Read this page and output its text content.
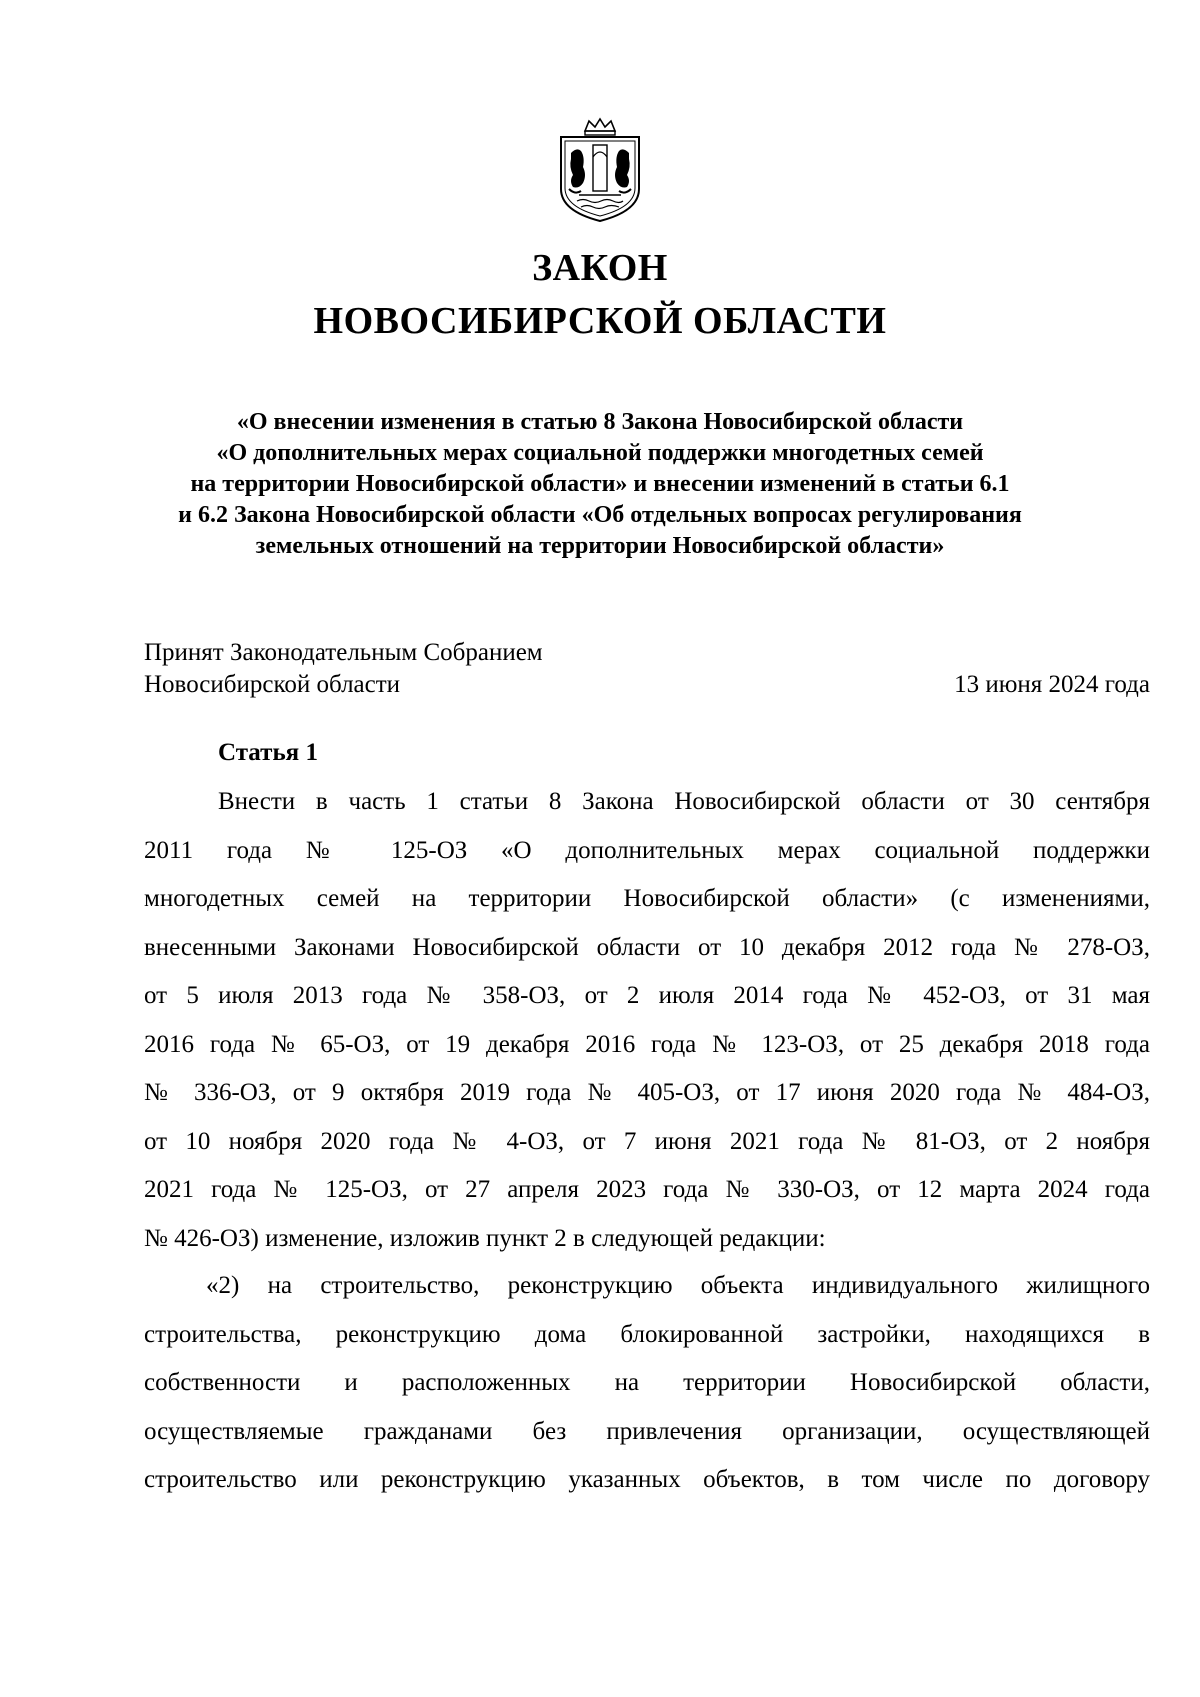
ЗАКОН
НОВОСИБИРСКОЙ ОБЛАСТИ
«О внесении изменения в статью 8 Закона Новосибирской области
«О дополнительных мерах социальной поддержки многодетных семей
на территории Новосибирской области» и внесении изменений в статьи 6.1
и 6.2 Закона Новосибирской области «Об отдельных вопросах регулирования
земельных отношений на территории Новосибирской области»
Принят Законодательным Собранием
Новосибирской области	13 июня 2024 года
Статья 1
Внести в часть 1 статьи 8 Закона Новосибирской области от 30 сентября
2011 года № 125-ОЗ «О дополнительных мерах социальной поддержки
многодетных семей на территории Новосибирской области» (с изменениями,
внесенными Законами Новосибирской области от 10 декабря 2012 года № 278-ОЗ,
от 5 июля 2013 года № 358-ОЗ, от 2 июля 2014 года № 452-ОЗ, от 31 мая
2016 года № 65-ОЗ, от 19 декабря 2016 года № 123-ОЗ, от 25 декабря 2018 года
№ 336-ОЗ, от 9 октября 2019 года № 405-ОЗ, от 17 июня 2020 года № 484-ОЗ,
от 10 ноября 2020 года № 4-ОЗ, от 7 июня 2021 года № 81-ОЗ, от 2 ноября
2021 года № 125-ОЗ, от 27 апреля 2023 года № 330-ОЗ, от 12 марта 2024 года
№ 426-ОЗ) изменение, изложив пункт 2 в следующей редакции:
«2) на строительство, реконструкцию объекта индивидуального жилищного
строительства, реконструкцию дома блокированной застройки, находящихся в
собственности и расположенных на территории Новосибирской области,
осуществляемые гражданами без привлечения организации, осуществляющей
строительство или реконструкцию указанных объектов, в том числе по договору
